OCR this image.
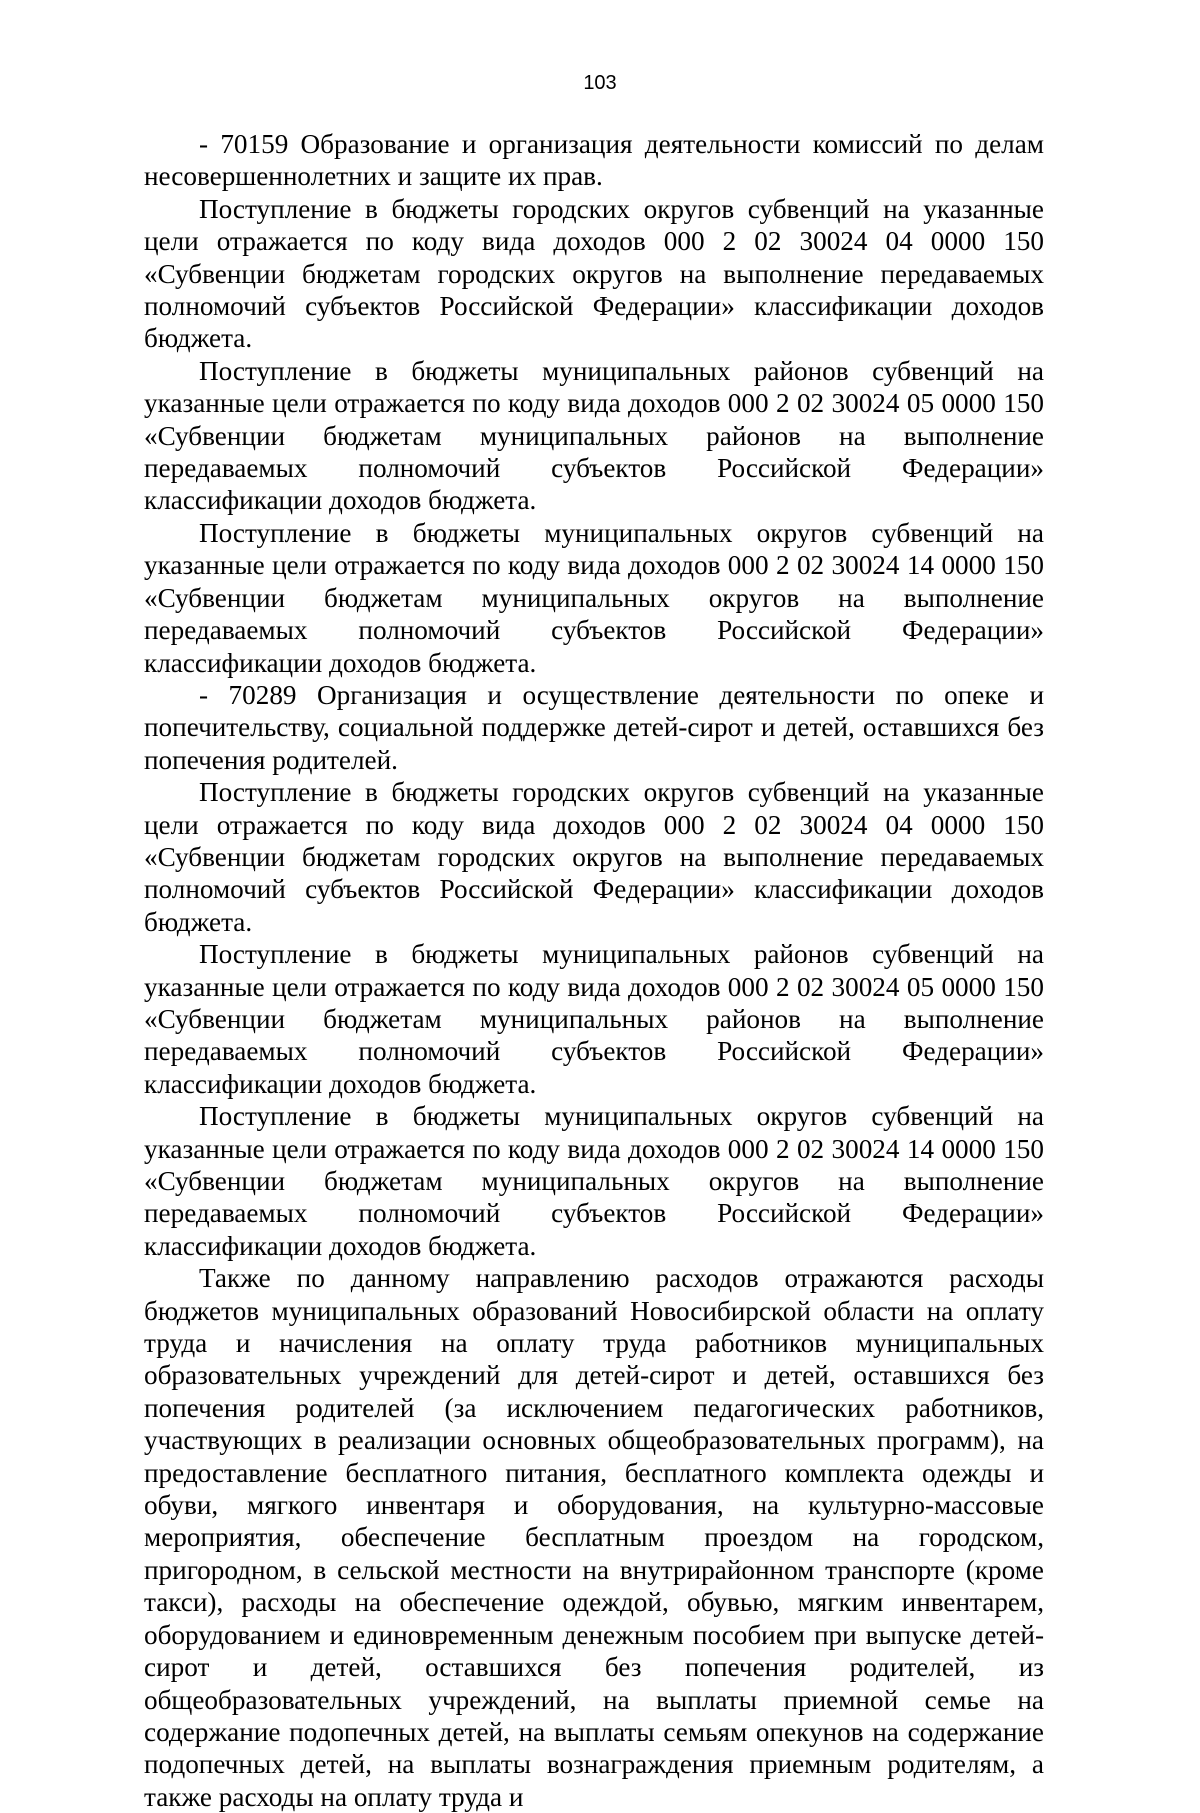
103

- 70159 Образование и организация деятельности комиссий по делам несовершеннолетних и защите их прав.

Поступление в бюджеты городских округов субвенций на указанные цели отражается по коду вида доходов 000 2 02 30024 04 0000 150 «Субвенции бюджетам городских округов на выполнение передаваемых полномочий субъектов Российской Федерации» классификации доходов бюджета.

Поступление в бюджеты муниципальных районов субвенций на указанные цели отражается по коду вида доходов 000 2 02 30024 05 0000 150 «Субвенции бюджетам муниципальных районов на выполнение передаваемых полномочий субъектов Российской Федерации» классификации доходов бюджета.

Поступление в бюджеты муниципальных округов субвенций на указанные цели отражается по коду вида доходов 000 2 02 30024 14 0000 150 «Субвенции бюджетам муниципальных округов на выполнение передаваемых полномочий субъектов Российской Федерации» классификации доходов бюджета.

- 70289 Организация и осуществление деятельности по опеке и попечительству, социальной поддержке детей-сирот и детей, оставшихся без попечения родителей.

Поступление в бюджеты городских округов субвенций на указанные цели отражается по коду вида доходов 000 2 02 30024 04 0000 150 «Субвенции бюджетам городских округов на выполнение передаваемых полномочий субъектов Российской Федерации» классификации доходов бюджета.

Поступление в бюджеты муниципальных районов субвенций на указанные цели отражается по коду вида доходов 000 2 02 30024 05 0000 150 «Субвенции бюджетам муниципальных районов на выполнение передаваемых полномочий субъектов Российской Федерации» классификации доходов бюджета.

Поступление в бюджеты муниципальных округов субвенций на указанные цели отражается по коду вида доходов 000 2 02 30024 14 0000 150 «Субвенции бюджетам муниципальных округов на выполнение передаваемых полномочий субъектов Российской Федерации» классификации доходов бюджета.

Также по данному направлению расходов отражаются расходы бюджетов муниципальных образований Новосибирской области на оплату труда и начисления на оплату труда работников муниципальных образовательных учреждений для детей-сирот и детей, оставшихся без попечения родителей (за исключением педагогических работников, участвующих в реализации основных общеобразовательных программ), на предоставление бесплатного питания, бесплатного комплекта одежды и обуви, мягкого инвентаря и оборудования, на культурно-массовые мероприятия, обеспечение бесплатным проездом на городском, пригородном, в сельской местности на внутрирайонном транспорте (кроме такси), расходы на обеспечение одеждой, обувью, мягким инвентарем, оборудованием и единовременным денежным пособием при выпуске детей-сирот и детей, оставшихся без попечения родителей, из общеобразовательных учреждений, на выплаты приемной семье на содержание подопечных детей, на выплаты семьям опекунов на содержание подопечных детей, на выплаты вознаграждения приемным родителям, а также расходы на оплату труда и
